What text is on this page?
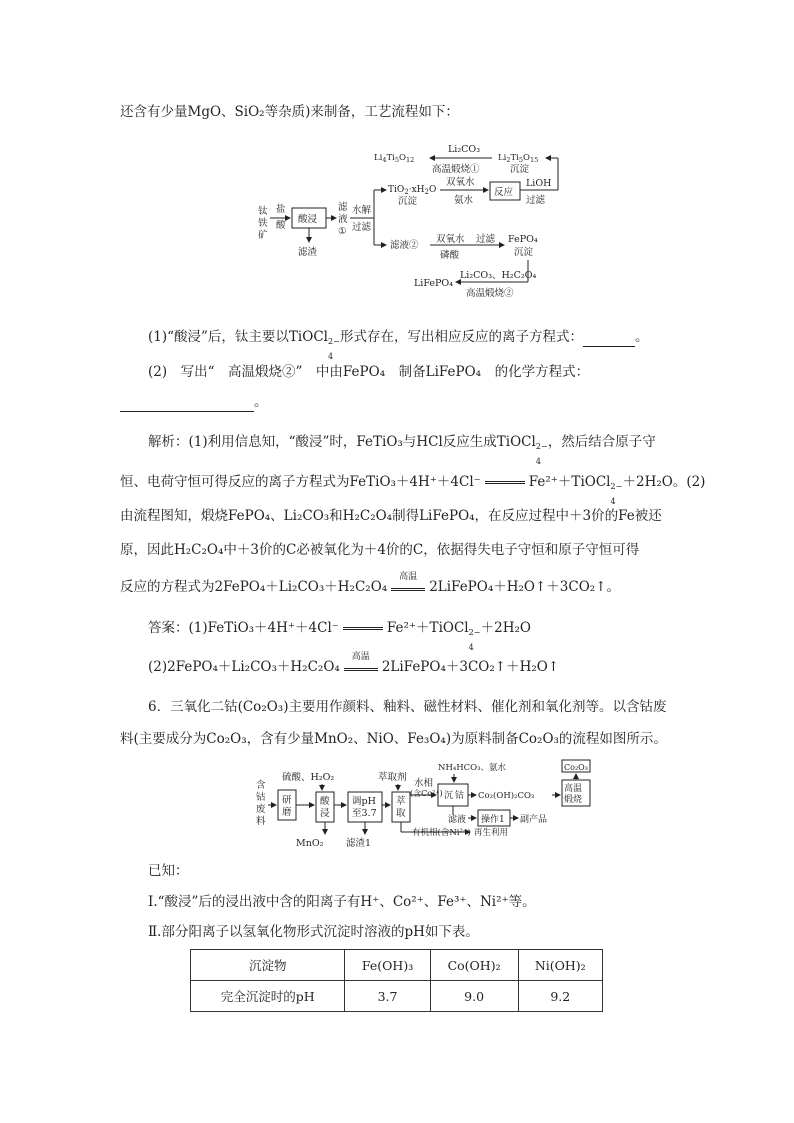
还含有少量MgO、SiO₂等杂质)来制备，工艺流程如下：
钛
铁
矿
盐
酸
酸浸
滤渣
滤
液
①
水解
过滤
$TiO_2\cdot xH_2O$
沉淀
双氧水
氨水
反应
LiOH
过滤
$Li_2Ti_5O_{15}$
沉淀
Li₂CO₃
高温煅烧①
$Li_4Ti_5O_{12}$
滤液②
双氧水
磷酸
过滤 FePO₄
沉淀
Li₂CO₃、H₂C₂O₄
高温煅烧②
LiFePO₄
(1)“酸浸”后，钛主要以TiOCl 2−
4
形式存在，写出相应反应的离子方程式：	。
(2)　写出“　高温煅烧②”　中由FePO₄　制备LiFePO₄　的化学方程式：
。
解析：(1)利用信息知，“酸浸”时，FeTiO₃与HCl反应生成TiOCl 2−
4
，然后结合原子守
恒、电荷守恒可得反应的离子方程式为FeTiO₃＋4H⁺＋4Cl⁻	Fe²⁺＋TiOCl 2−
4
＋2H₂O。(2)
由流程图知，煅烧FePO₄、Li₂CO₃和H₂C₂O₄制得LiFePO₄，在反应过程中＋3价的Fe被还
原，因此H₂C₂O₄中＋3价的C必被氧化为＋4价的C，依据得失电子守恒和原子守恒可得
反应的方程式为2FePO₄＋Li₂CO₃＋H₂C₂O₄
高温
2LiFePO₄＋H₂O↑＋3CO₂↑。
答案：(1)FeTiO₃＋4H⁺＋4Cl⁻	Fe²⁺＋TiOCl 2−
4
＋2H₂O
(2)2FePO₄＋Li₂CO₃＋H₂C₂O₄
高温
2LiFePO₄＋3CO₂↑＋H₂O↑
6．三氧化二钴(Co₂O₃)主要用作颜料、釉料、磁性材料、催化剂和氧化剂等。以含钴废
料(主要成分为Co₂O₃，含有少量MnO₂、NiO、Fe₃O₄)为原料制备Co₂O₃的流程如图所示。
含
钴
废
料
研
磨
硫酸、H₂O₂
酸
浸
MnO₂
调pH
至3.7
滤渣1
萃取剂
萃
取
水相
(含Co²⁺)
有机相(含Ni²⁺) 再生利用
NH₄HCO₃、氨水
沉 钴 Co₂(OH)₂CO₃
高温
煅烧
Co₂O₃
滤液 操作1 副产品
已知：
Ⅰ.“酸浸”后的浸出液中含的阳离子有H⁺、Co²⁺、Fe³⁺、Ni²⁺等。
Ⅱ.部分阳离子以氢氧化物形式沉淀时溶液的pH如下表。
沉淀物	Fe(OH)₃	Co(OH)₂	Ni(OH)₂
完全沉淀时的pH	3.7	9.0	9.2
